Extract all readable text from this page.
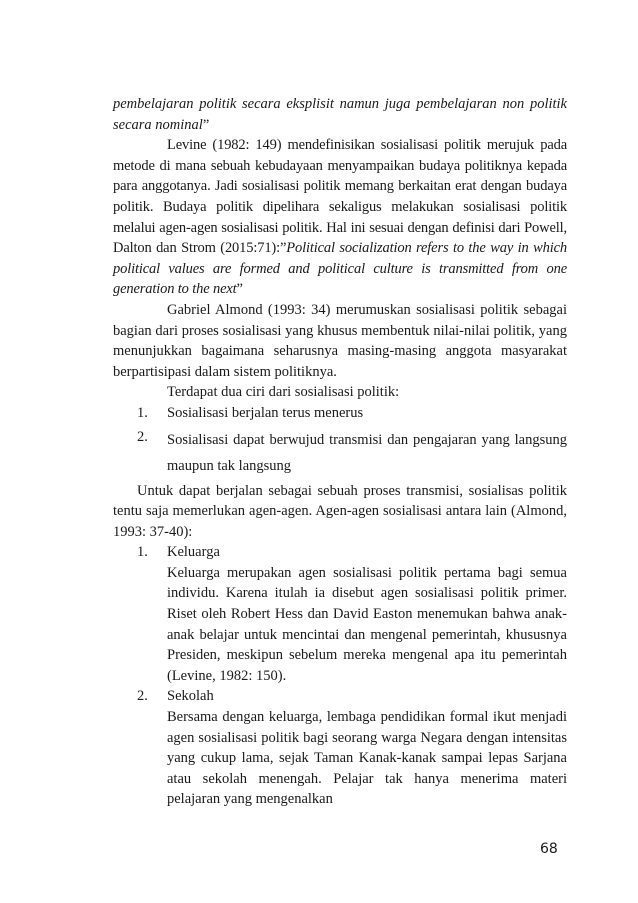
pembelajaran politik secara eksplisit namun juga pembelajaran non politik secara nominal”

Levine (1982: 149) mendefinisikan sosialisasi politik merujuk pada metode di mana sebuah kebudayaan menyampaikan budaya politiknya kepada para anggotanya. Jadi sosialisasi politik memang berkaitan erat dengan budaya politik. Budaya politik dipelihara sekaligus melakukan sosialisasi politik melalui agen-agen sosialisasi politik. Hal ini sesuai dengan definisi dari Powell, Dalton dan Strom (2015:71):”Political socialization refers to the way in which political values are formed and political culture is transmitted from one generation to the next”

Gabriel Almond (1993: 34) merumuskan sosialisasi politik sebagai bagian dari proses sosialisasi yang khusus membentuk nilai-nilai politik, yang menunjukkan bagaimana seharusnya masing-masing anggota masyarakat berpartisipasi dalam sistem politiknya.

Terdapat dua ciri dari sosialisasi politik:

1.	Sosialisasi berjalan terus menerus
2.	Sosialisasi dapat berwujud transmisi dan pengajaran yang langsung maupun tak langsung

Untuk dapat berjalan sebagai sebuah proses transmisi, sosialisas politik tentu saja memerlukan agen-agen. Agen-agen sosialisasi antara lain (Almond, 1993: 37-40):

1.	Keluarga

Keluarga merupakan agen sosialisasi politik pertama bagi semua individu. Karena itulah ia disebut agen sosialisasi politik primer. Riset oleh Robert Hess dan David Easton menemukan bahwa anak-anak belajar untuk mencintai dan mengenal pemerintah, khususnya Presiden, meskipun sebelum mereka mengenal apa itu pemerintah (Levine, 1982: 150).

2.	Sekolah

Bersama dengan keluarga, lembaga pendidikan formal ikut menjadi agen sosialisasi politik bagi seorang warga Negara dengan intensitas yang cukup lama, sejak Taman Kanak-kanak sampai lepas Sarjana atau sekolah menengah. Pelajar tak hanya menerima materi pelajaran yang mengenalkan

68
